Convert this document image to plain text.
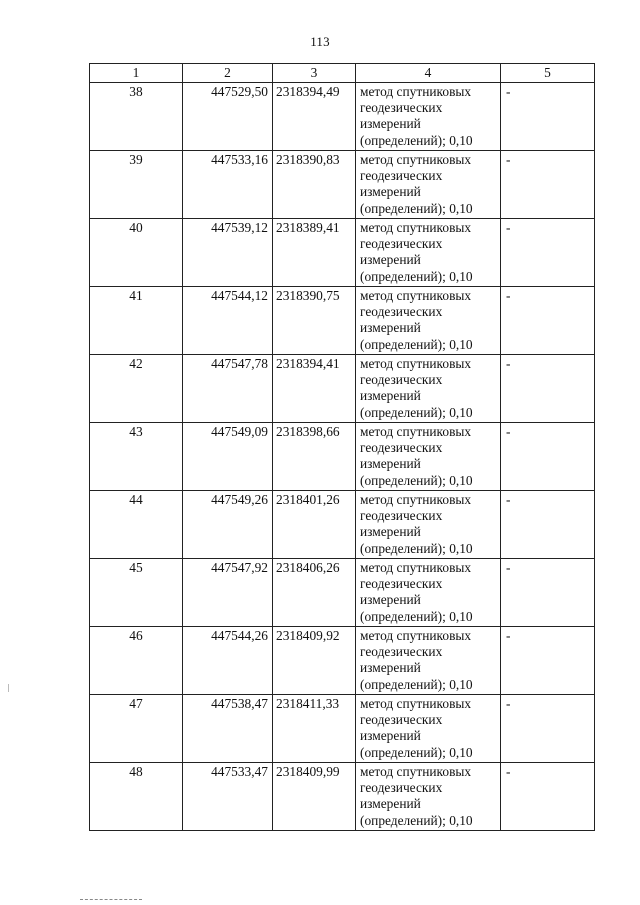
113
1	2	3	4	5
38	447529,50	2318394,49	метод спутниковых
геодезических
измерений
(определений); 0,10	-
39	447533,16	2318390,83	метод спутниковых
геодезических
измерений
(определений); 0,10	-
40	447539,12	2318389,41	метод спутниковых
геодезических
измерений
(определений); 0,10	-
41	447544,12	2318390,75	метод спутниковых
геодезических
измерений
(определений); 0,10	-
42	447547,78	2318394,41	метод спутниковых
геодезических
измерений
(определений); 0,10	-
43	447549,09	2318398,66	метод спутниковых
геодезических
измерений
(определений); 0,10	-
44	447549,26	2318401,26	метод спутниковых
геодезических
измерений
(определений); 0,10	-
45	447547,92	2318406,26	метод спутниковых
геодезических
измерений
(определений); 0,10	-
46	447544,26	2318409,92	метод спутниковых
геодезических
измерений
(определений); 0,10	-
47	447538,47	2318411,33	метод спутниковых
геодезических
измерений
(определений); 0,10	-
48	447533,47	2318409,99	метод спутниковых
геодезических
измерений
(определений); 0,10	-
